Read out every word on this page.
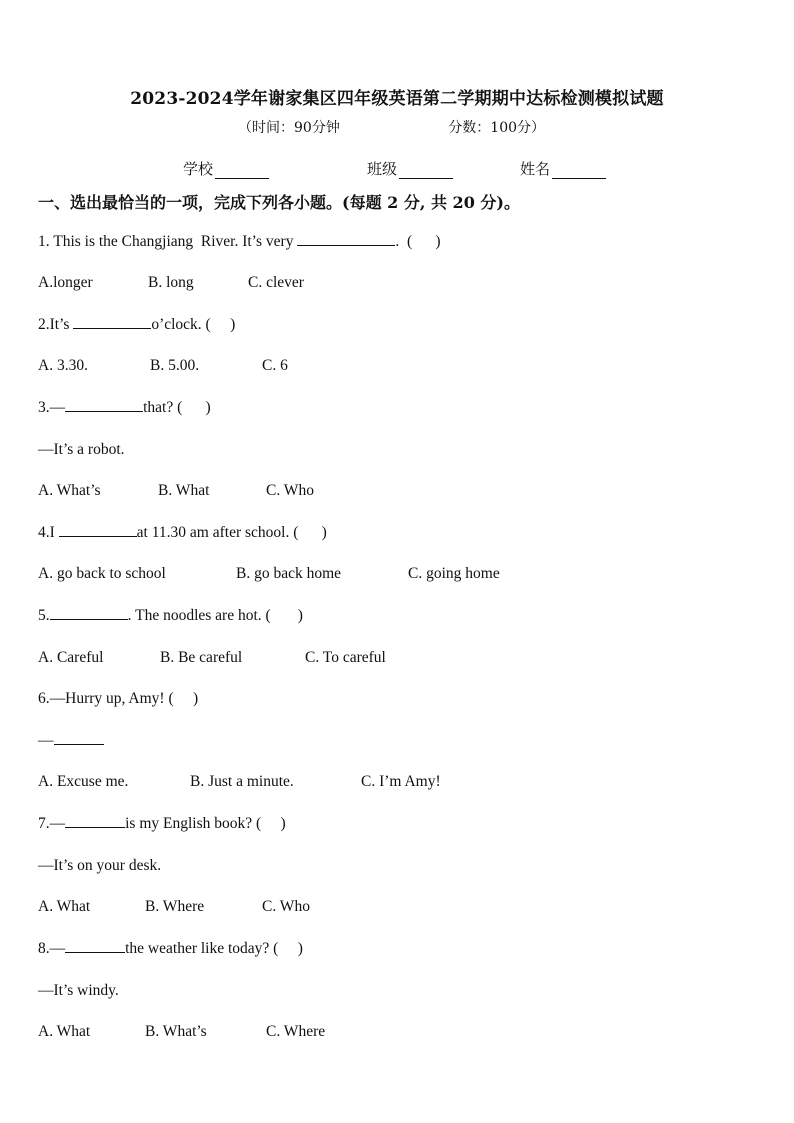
2023-2024学年谢家集区四年级英语第二学期期中达标检测模拟试题
（时间：90分钟	分数：100分）
学校	班级	姓名
一、选出最恰当的一项，完成下列各小题。(每题 2 分, 共 20 分)。
1. This is the Changjiang  River. It’s very	.  (      )
A.longer	B. long	C. clever
2.It’s	o’clock. (     )
A. 3.30.	B. 5.00.	C. 6
3.—	that? (      )
—It’s a robot.
A. What’s	B. What	C. Who
4.I	at 11.30 am after school. (      )
A. go back to school	B. go back home	C. going home
5.	. The noodles are hot. (       )
A. Careful	B. Be careful	C. To careful
6.—Hurry up, Amy! (     )
—
A. Excuse me.	B. Just a minute.	C. I’m Amy!
7.—	is my English book? (     )
—It’s on your desk.
A. What	B. Where	C. Who
8.—	the weather like today? (     )
—It’s windy.
A. What	B. What’s	C. Where
